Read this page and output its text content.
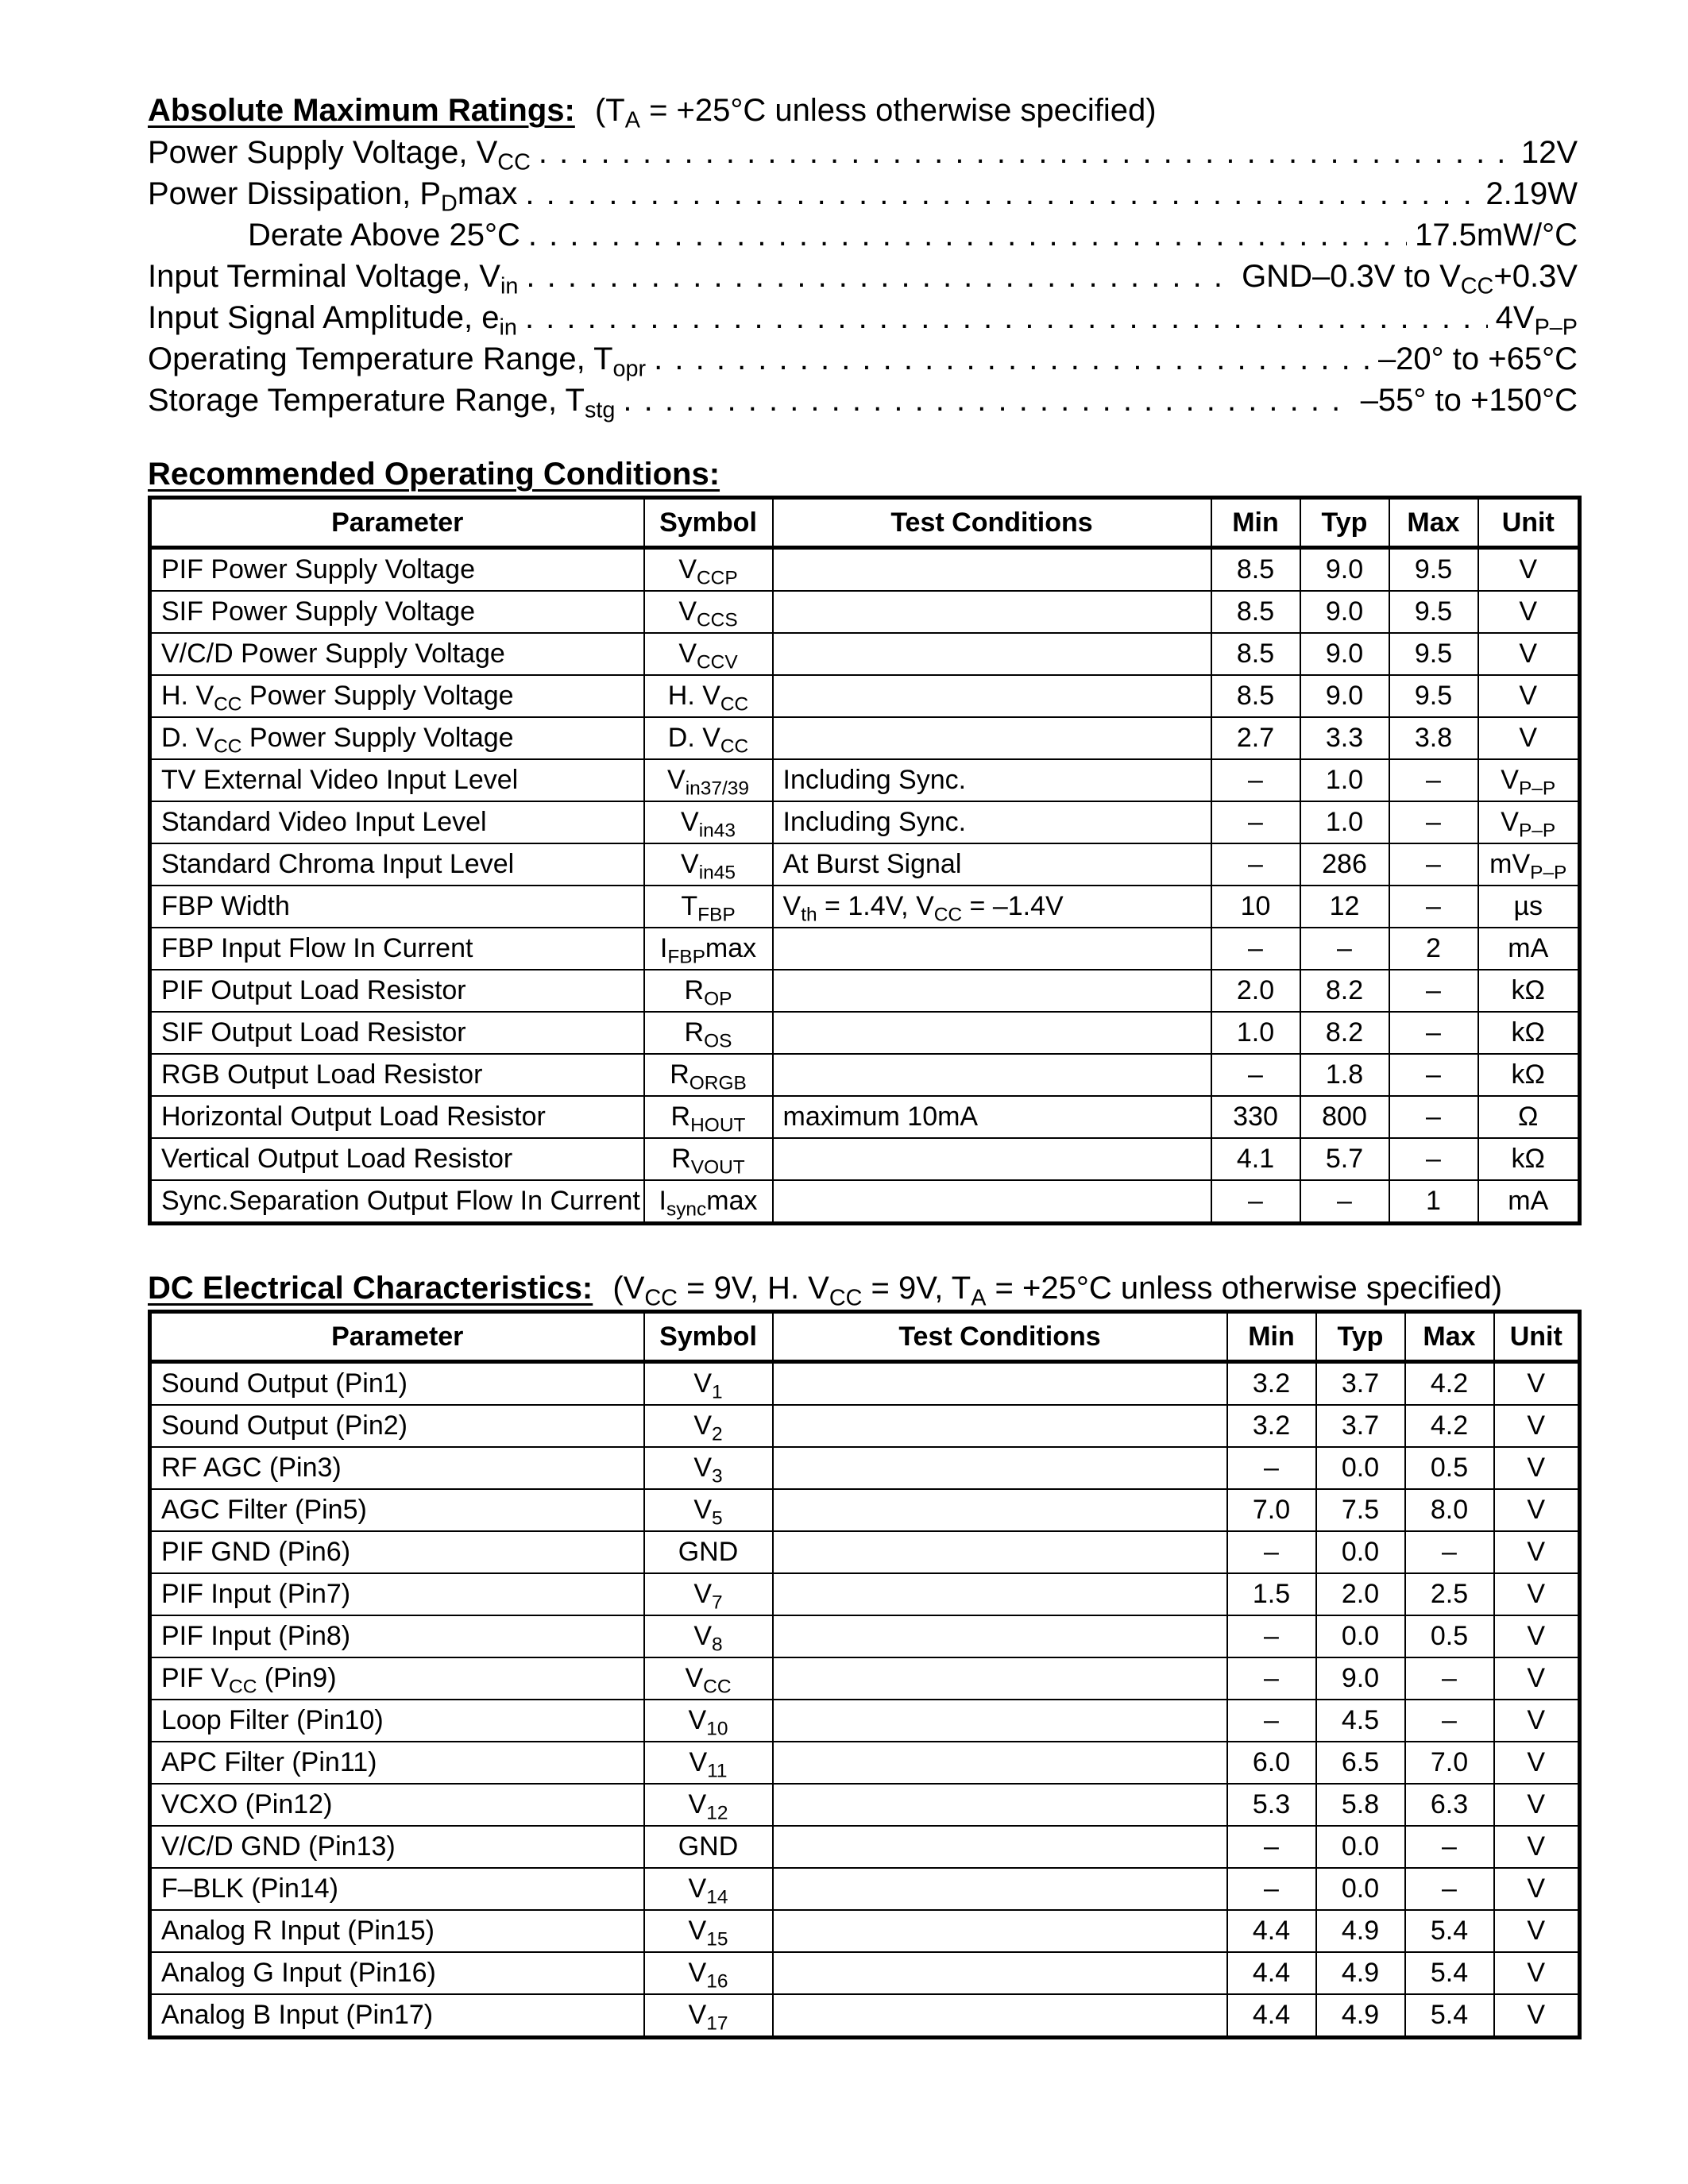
Absolute Maximum Ratings: ($T_A = +25^\circ C$ unless otherwise specified)
Power Supply Voltage, $V_{CC}$ . . .	12V
Power Dissipation, $P_D\max$ . . .	2.19W
Derate Above 25°C . . .	17.5mW/°C
Input Terminal Voltage, $V_{in}$ . . .	GND–0.3V to $V_{CC}+0.3V$
Input Signal Amplitude, $e_{in}$ . . .	$4V_{P-P}$
Operating Temperature Range, $T_{opr}$ . . .	–20° to +65°C
Storage Temperature Range, $T_{stg}$ . . .	–55° to +150°C
Recommended Operating Conditions:
Parameter	Symbol	Test Conditions	Min	Typ	Max	Unit
PIF Power Supply Voltage	$V_{CCP}$		8.5	9.0	9.5	V
SIF Power Supply Voltage	$V_{CCS}$		8.5	9.0	9.5	V
V/C/D Power Supply Voltage	$V_{CCV}$		8.5	9.0	9.5	V
H. $V_{CC}$ Power Supply Voltage	H. $V_{CC}$		8.5	9.0	9.5	V
D. $V_{CC}$ Power Supply Voltage	D. $V_{CC}$		2.7	3.3	3.8	V
TV External Video Input Level	$V_{in37/39}$	Including Sync.	–	1.0	–	$V_{P-P}$
Standard Video Input Level	$V_{in43}$	Including Sync.	–	1.0	–	$V_{P-P}$
Standard Chroma Input Level	$V_{in45}$	At Burst Signal	–	286	–	$mV_{P-P}$
FBP Width	$T_{FBP}$	$V_{th} = 1.4V$, $V_{CC} = -1.4V$	10	12	–	µs
FBP Input Flow In Current	$I_{FBP}\max$		–	–	2	mA
PIF Output Load Resistor	$R_{OP}$		2.0	8.2	–	kΩ
SIF Output Load Resistor	$R_{OS}$		1.0	8.2	–	kΩ
RGB Output Load Resistor	$R_{ORGB}$		–	1.8	–	kΩ
Horizontal Output Load Resistor	$R_{HOUT}$	maximum 10mA	330	800	–	Ω
Vertical Output Load Resistor	$R_{VOUT}$		4.1	5.7	–	kΩ
Sync.Separation Output Flow In Current	$I_{sync}\max$		–	–	1	mA
DC Electrical Characteristics: ($V_{CC} = 9V$, H. $V_{CC} = 9V$, $T_A = +25^\circ C$ unless otherwise specified)
Parameter	Symbol	Test Conditions	Min	Typ	Max	Unit
Sound Output (Pin1)	$V_1$		3.2	3.7	4.2	V
Sound Output (Pin2)	$V_2$		3.2	3.7	4.2	V
RF AGC (Pin3)	$V_3$		–	0.0	0.5	V
AGC Filter (Pin5)	$V_5$		7.0	7.5	8.0	V
PIF GND (Pin6)	GND		–	0.0	–	V
PIF Input (Pin7)	$V_7$		1.5	2.0	2.5	V
PIF Input (Pin8)	$V_8$		–	0.0	0.5	V
PIF $V_{CC}$ (Pin9)	$V_{CC}$		–	9.0	–	V
Loop Filter (Pin10)	$V_{10}$		–	4.5	–	V
APC Filter (Pin11)	$V_{11}$		6.0	6.5	7.0	V
VCXO (Pin12)	$V_{12}$		5.3	5.8	6.3	V
V/C/D GND (Pin13)	GND		–	0.0	–	V
F–BLK (Pin14)	$V_{14}$		–	0.0	–	V
Analog R Input (Pin15)	$V_{15}$		4.4	4.9	5.4	V
Analog G Input (Pin16)	$V_{16}$		4.4	4.9	5.4	V
Analog B Input (Pin17)	$V_{17}$		4.4	4.9	5.4	V
